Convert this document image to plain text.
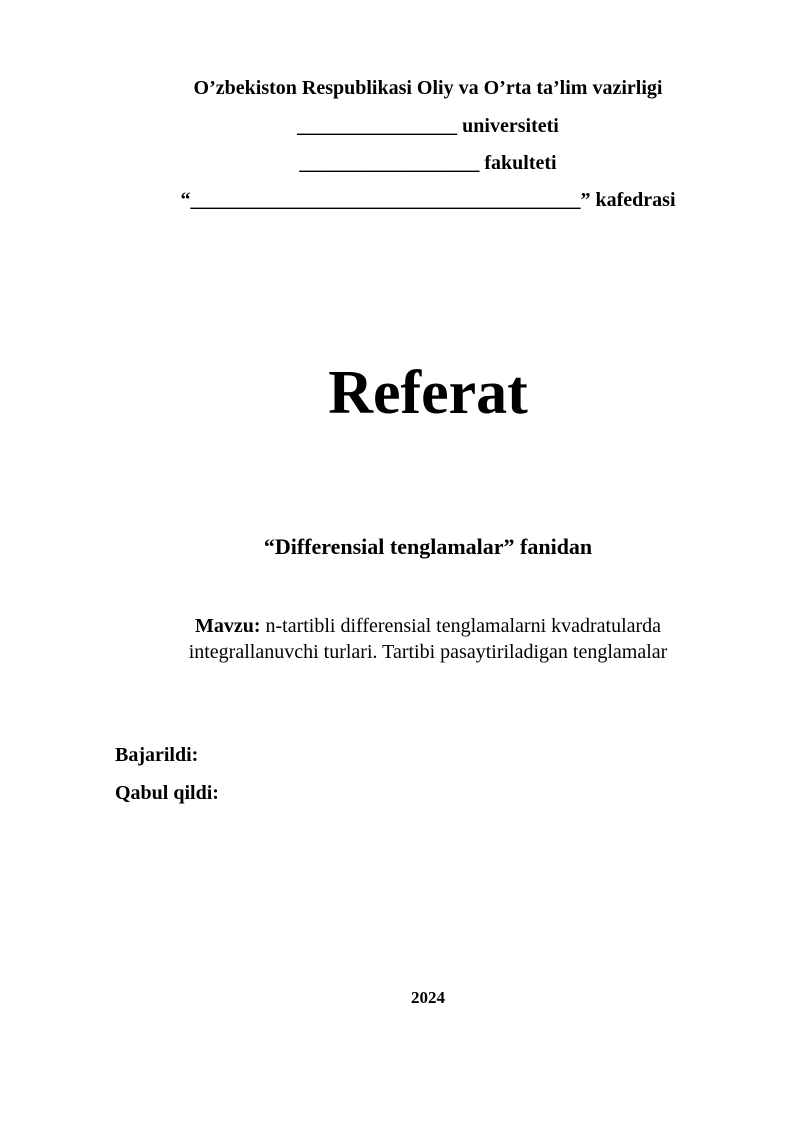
O’zbekiston Respublikasi Oliy va O’rta ta’lim vazirligi
________________ universiteti
__________________ fakulteti
“_______________________________________” kafedrasi
Referat
“Differensial tenglamalar” fanidan
Mavzu: n-tartibli differensial tenglamalarni kvadratularda integrallanuvchi turlari. Tartibi pasaytiriladigan tenglamalar
Bajarildi:
Qabul qildi:
2024
